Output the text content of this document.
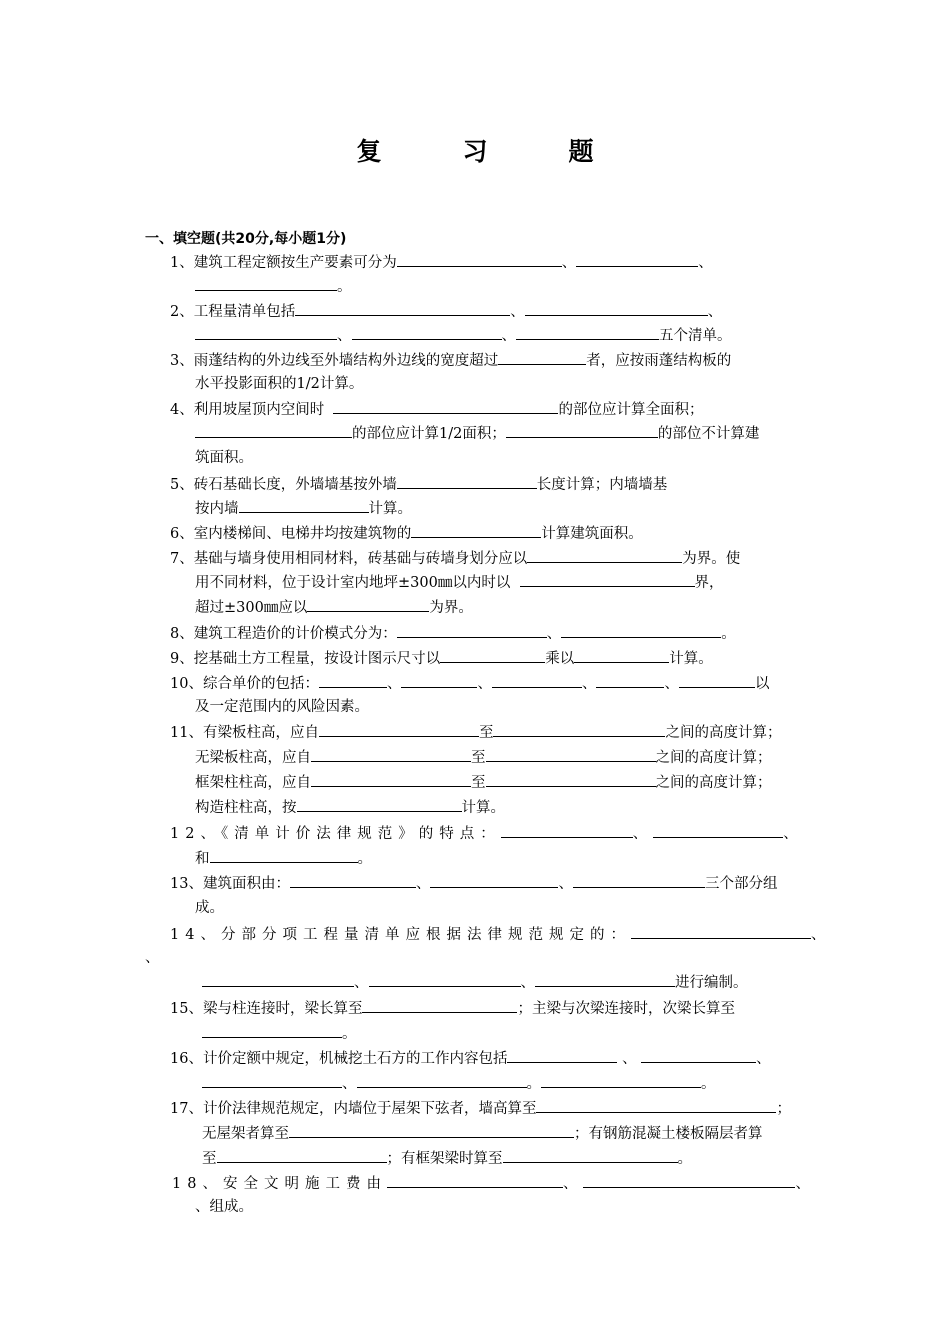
复　习　题
一、填空题(共20分,每小题1分)
1、建筑工程定额按生产要素可分为	、	、
。
2、工程量清单包括	、	、
、	、	五个清单。
3、雨蓬结构的外边线至外墙结构外边线的宽度超过	者，应按雨蓬结构板的
水平投影面积的1/2计算。
4、利用坡屋顶内空间时	的部位应计算全面积；
的部位应计算1/2面积；	的部位不计算建
筑面积。
5、砖石基础长度，外墙墙基按外墙	长度计算；内墙墙基
按内墙	计算。
6、室内楼梯间、电梯井均按建筑物的	计算建筑面积。
7、基础与墙身使用相同材料，砖基础与砖墙身划分应以	为界。使
用不同材料，位于设计室内地坪±300㎜以内时以	界，
超过±300㎜应以	为界。
8、建筑工程造价的计价模式分为：	、	。
9、挖基础土方工程量，按设计图示尺寸以	乘以	计算。
10、综合单价的包括：	、	、	、	、	以
及一定范围内的风险因素。
11、有梁板柱高，应自	至	之间的高度计算；
无梁板柱高，应自	至	之间的高度计算；
框架柱柱高，应自	至	之间的高度计算；
构造柱柱高，按	计算。
12、《清单计价法律规范》的特点：	、	、
和	。
13、建筑面积由：	、	、	三个部分组
成。
14、分部分项工程量清单应根据法律规范规定的：	、
、
、	、	进行编制。
15、梁与柱连接时，梁长算至	；主梁与次梁连接时，次梁长算至
。
16、计价定额中规定，机械挖土石方的工作内容包括	、	、
、	。	。
17、计价法律规范规定，内墙位于屋架下弦者，墙高算至	；
无屋架者算至	；有钢筋混凝土楼板隔层者算
至	；有框架梁时算至	。
18、安全文明施工费由	、	、
、组成。
